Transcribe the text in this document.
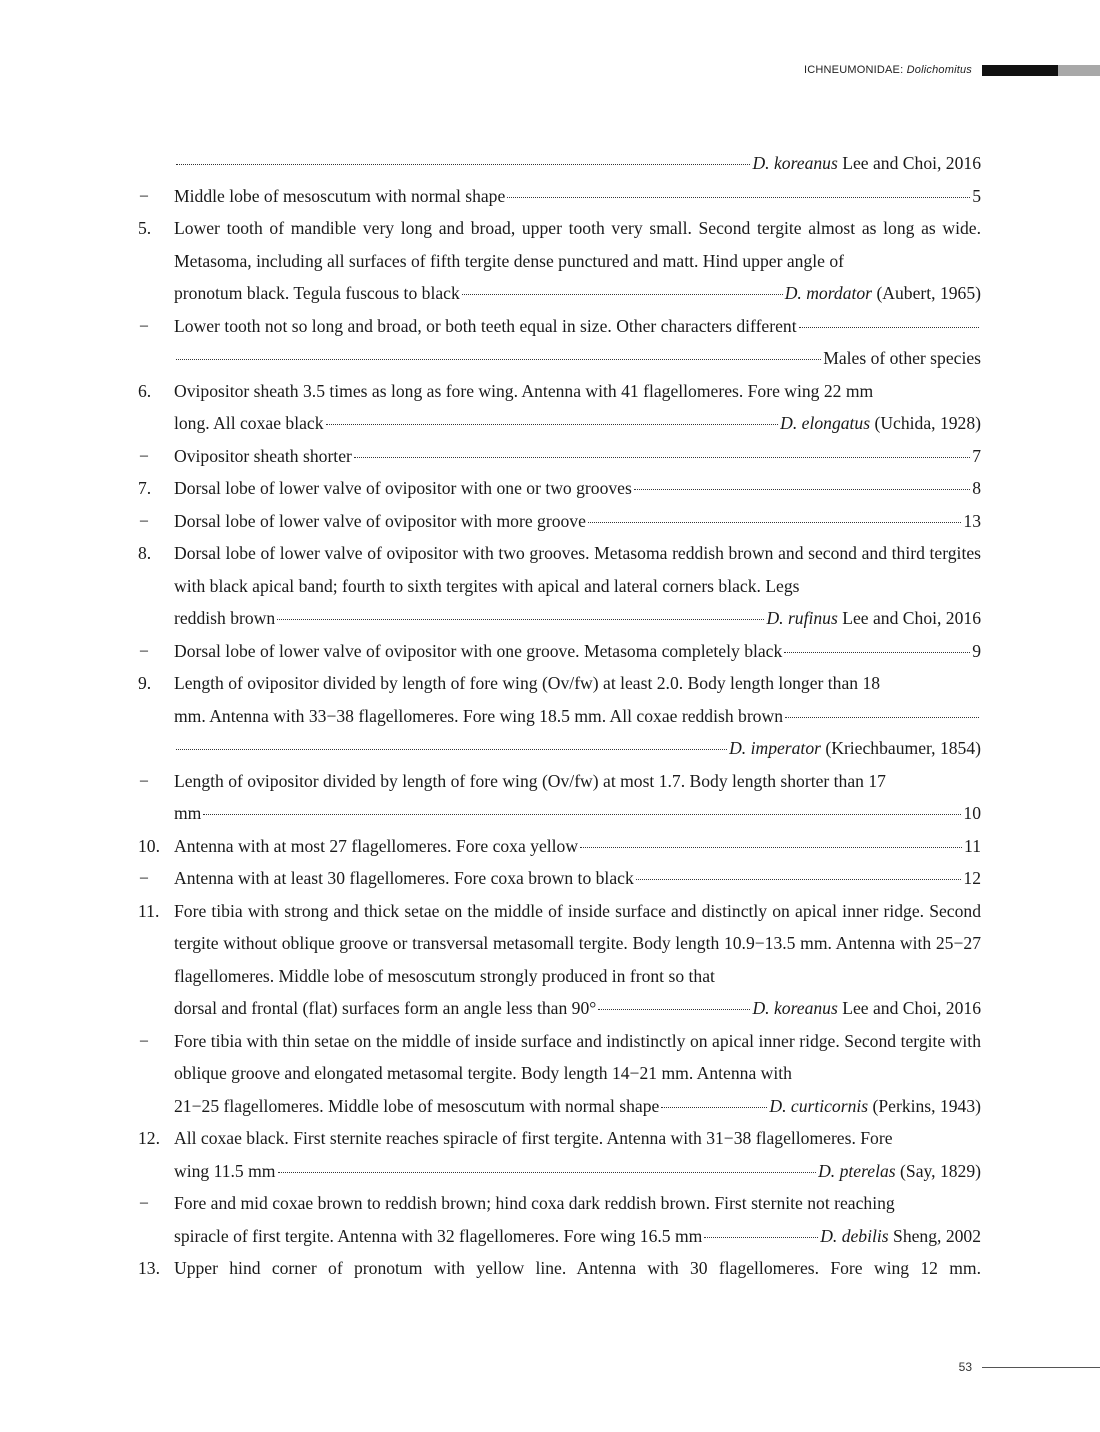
ICHNEUMONIDAE: Dolichomitus
D. koreanus Lee and Choi, 2016
− Middle lobe of mesoscutum with normal shape	5
5. Lower tooth of mandible very long and broad, upper tooth very small. Second tergite almost as long as wide. Metasoma, including all surfaces of fifth tergite dense punctured and matt. Hind upper angle of
pronotum black. Tegula fuscous to black	D. mordator (Aubert, 1965)
− Lower tooth not so long and broad, or both teeth equal in size. Other characters different
Males of other species
6. Ovipositor sheath 3.5 times as long as fore wing. Antenna with 41 flagellomeres. Fore wing 22 mm
long. All coxae black	D. elongatus (Uchida, 1928)
− Ovipositor sheath shorter	7
7. Dorsal lobe of lower valve of ovipositor with one or two grooves	8
− Dorsal lobe of lower valve of ovipositor with more groove	13
8. Dorsal lobe of lower valve of ovipositor with two grooves. Metasoma reddish brown and second and third tergites with black apical band; fourth to sixth tergites with apical and lateral corners black. Legs
reddish brown	D. rufinus Lee and Choi, 2016
− Dorsal lobe of lower valve of ovipositor with one groove. Metasoma completely black	9
9. Length of ovipositor divided by length of fore wing (Ov/fw) at least 2.0. Body length longer than 18
mm. Antenna with 33−38 flagellomeres. Fore wing 18.5 mm. All coxae reddish brown
D. imperator (Kriechbaumer, 1854)
− Length of ovipositor divided by length of fore wing (Ov/fw) at most 1.7. Body length shorter than 17
mm	10
10. Antenna with at most 27 flagellomeres. Fore coxa yellow	11
− Antenna with at least 30 flagellomeres. Fore coxa brown to black	12
11. Fore tibia with strong and thick setae on the middle of inside surface and distinctly on apical inner ridge. Second tergite without oblique groove or transversal metasomall tergite. Body length 10.9−13.5 mm. Antenna with 25−27 flagellomeres. Middle lobe of mesoscutum strongly produced in front so that
dorsal and frontal (flat) surfaces form an angle less than 90°	D. koreanus Lee and Choi, 2016
− Fore tibia with thin setae on the middle of inside surface and indistinctly on apical inner ridge. Second tergite with oblique groove and elongated metasomal tergite. Body length 14−21 mm. Antenna with
21−25 flagellomeres. Middle lobe of mesoscutum with normal shape	D. curticornis (Perkins, 1943)
12. All coxae black. First sternite reaches spiracle of first tergite. Antenna with 31−38 flagellomeres. Fore
wing 11.5 mm	D. pterelas (Say, 1829)
− Fore and mid coxae brown to reddish brown; hind coxa dark reddish brown. First sternite not reaching
spiracle of first tergite. Antenna with 32 flagellomeres. Fore wing 16.5 mm	D. debilis Sheng, 2002
13. Upper hind corner of pronotum with yellow line. Antenna with 30 flagellomeres. Fore wing 12 mm.
53
